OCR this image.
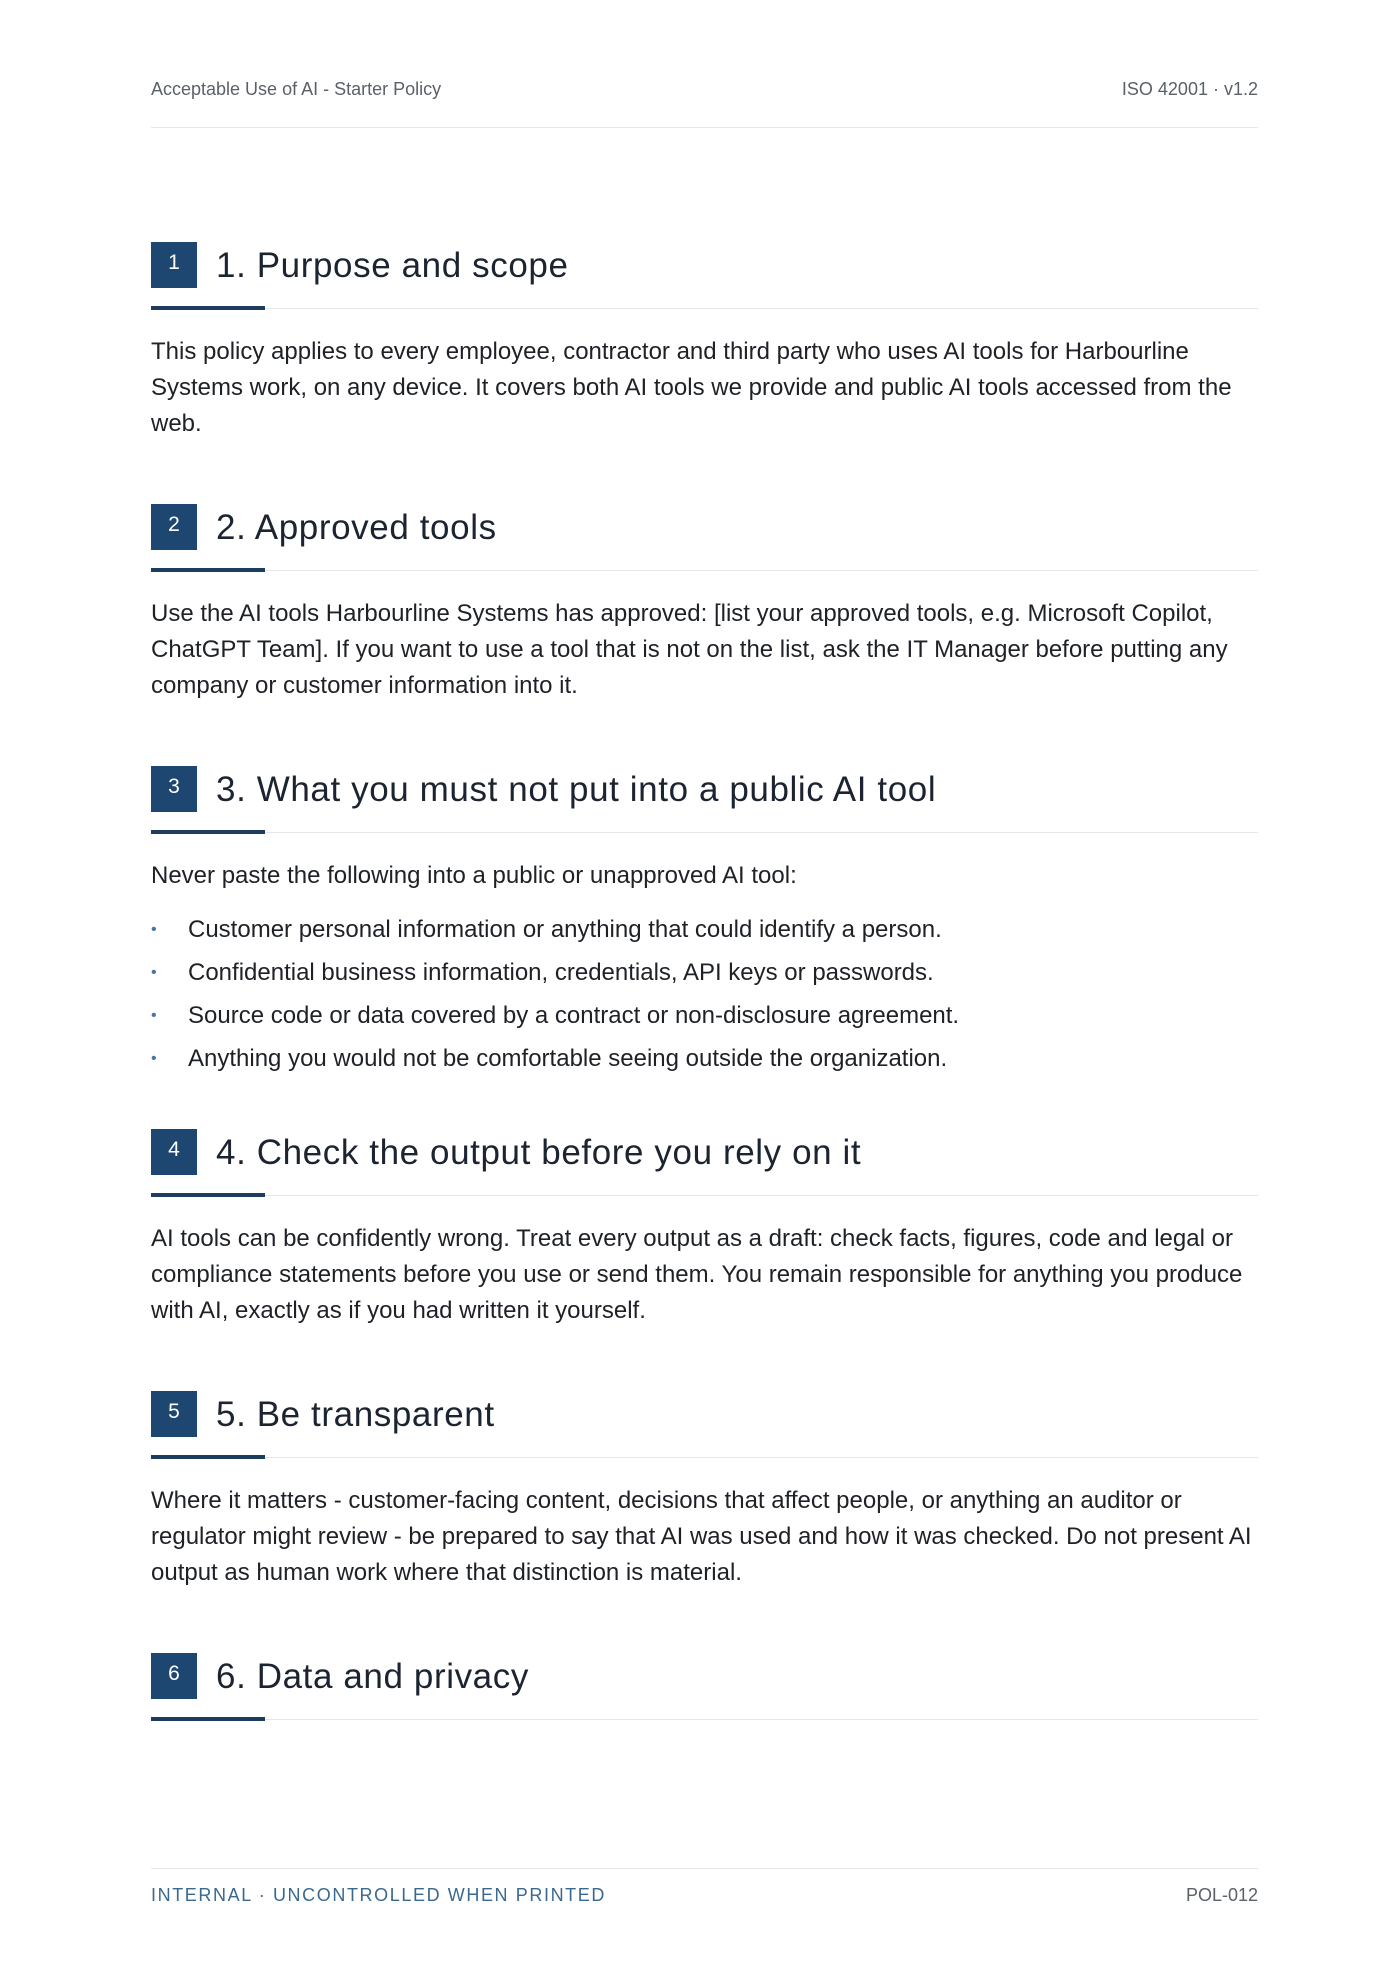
Acceptable Use of AI - Starter Policy	ISO 42001 · v1.2
1	1. Purpose and scope

This policy applies to every employee, contractor and third party who uses AI tools for Harbourline Systems work, on any device. It covers both AI tools we provide and public AI tools accessed from the web.

2	2. Approved tools

Use the AI tools Harbourline Systems has approved: [list your approved tools, e.g. Microsoft Copilot, ChatGPT Team]. If you want to use a tool that is not on the list, ask the IT Manager before putting any company or customer information into it.

3	3. What you must not put into a public AI tool

Never paste the following into a public or unapproved AI tool:

• Customer personal information or anything that could identify a person.
• Confidential business information, credentials, API keys or passwords.
• Source code or data covered by a contract or non-disclosure agreement.
• Anything you would not be comfortable seeing outside the organization.
4	4. Check the output before you rely on it

AI tools can be confidently wrong. Treat every output as a draft: check facts, figures, code and legal or compliance statements before you use or send them. You remain responsible for anything you produce with AI, exactly as if you had written it yourself.

5	5. Be transparent

Where it matters - customer-facing content, decisions that affect people, or anything an auditor or regulator might review - be prepared to say that AI was used and how it was checked. Do not present AI output as human work where that distinction is material.

6	6. Data and privacy
INTERNAL · UNCONTROLLED WHEN PRINTED	POL-012
